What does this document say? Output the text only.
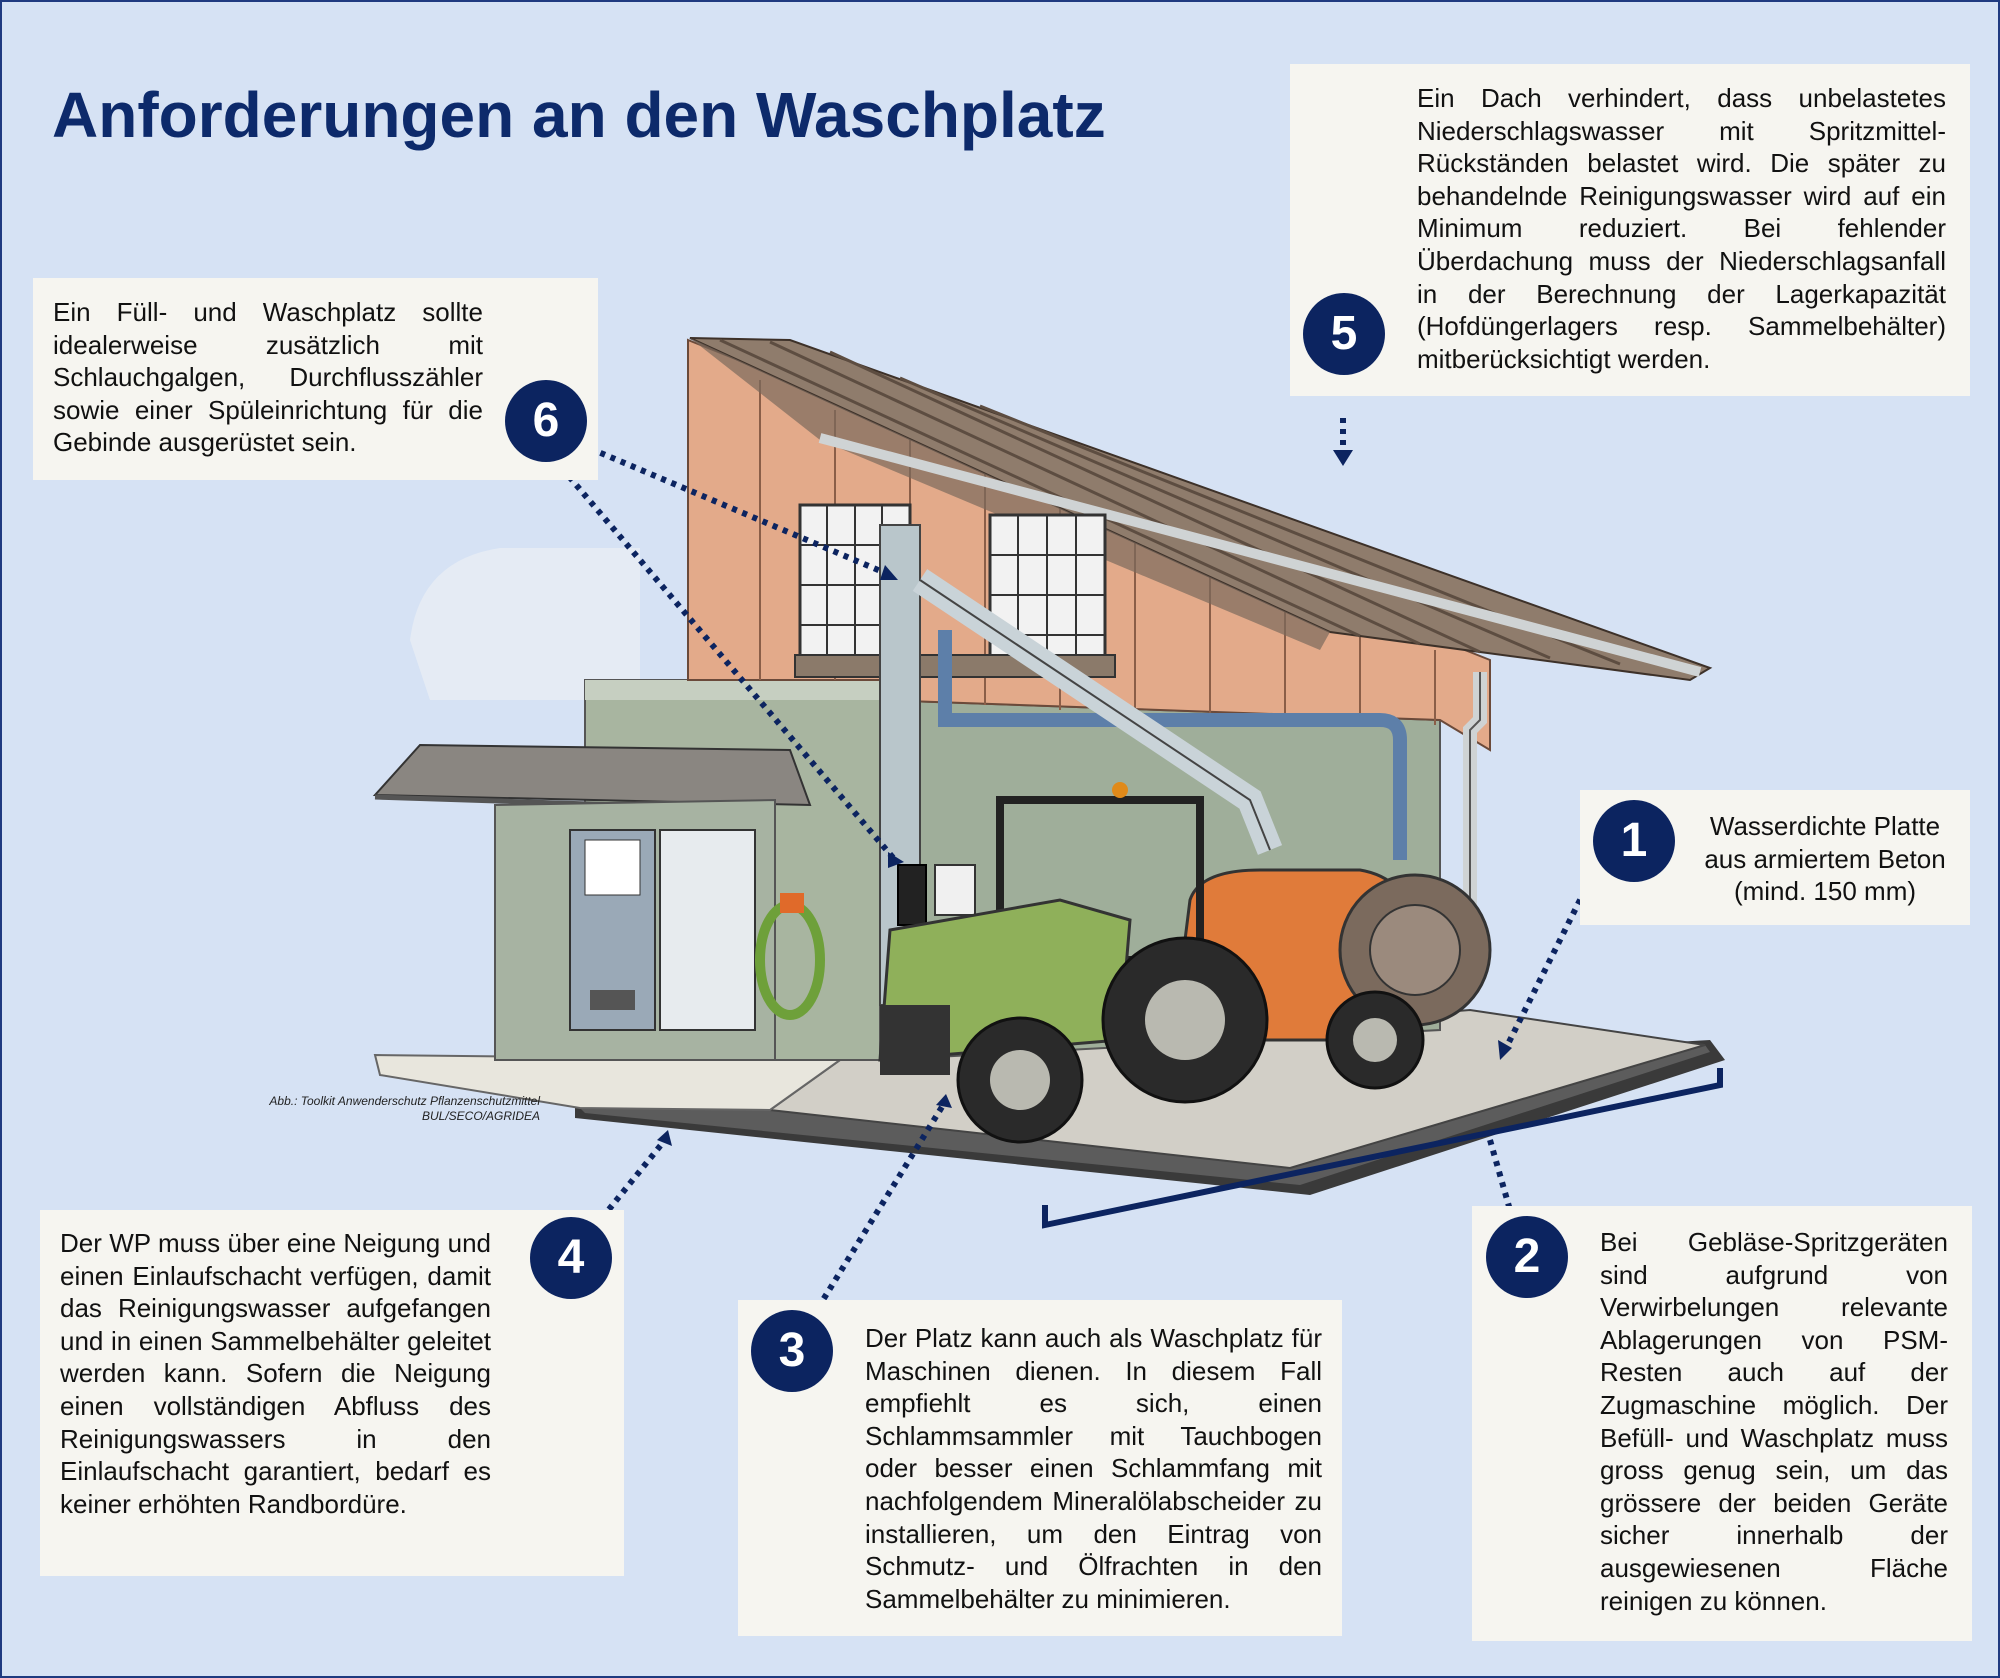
Anforderungen an den Waschplatz
Abb.: Toolkit Anwenderschutz Pflanzenschutzmittel
BUL/SECO/AGRIDEA

Ein Dach verhindert, dass unbelastetes Niederschlagswasser mit Spritzmittel-Rückständen belastet wird. Die später zu behandelnde Reinigungswasser wird auf ein Minimum reduziert. Bei fehlender Überdachung muss der Niederschlagsanfall in der Berechnung der Lagerkapazität (Hofdüngerlagers resp. Sammelbehälter) mitberücksichtigt werden.

5

Ein Füll- und Waschplatz sollte idealerweise zusätzlich mit Schlauchgalgen, Durchflusszähler sowie einer Spüleinrichtung für die Gebinde ausgerüstet sein.	6

Wasserdichte Platte aus armiertem Beton (mind. 150 mm)

1

Bei Gebläse-Spritzgeräten sind aufgrund von Verwirbelungen relevante Ablagerungen von PSM-Resten auch auf der Zugmaschine möglich. Der Befüll- und Waschplatz muss gross genug sein, um das grössere der beiden Geräte sicher innerhalb der ausgewiesenen Fläche reinigen zu können.

2

Der Platz kann auch als Waschplatz für Maschinen dienen. In diesem Fall empfiehlt es sich, einen Schlammsammler mit Tauchbogen oder besser einen Schlammfang mit nachfolgendem Mineralölabscheider zu installieren, um den Eintrag von Schmutz- und Ölfrachten in den Sammelbehälter zu minimieren.

3

Der WP muss über eine Neigung und einen Einlaufschacht verfügen, damit das Reinigungswasser aufgefangen und in einen Sammelbehälter geleitet werden kann. Sofern die Neigung einen vollständigen Abfluss des Reinigungswassers in den Einlaufschacht garantiert, bedarf es keiner erhöhten Randbordüre.

4
